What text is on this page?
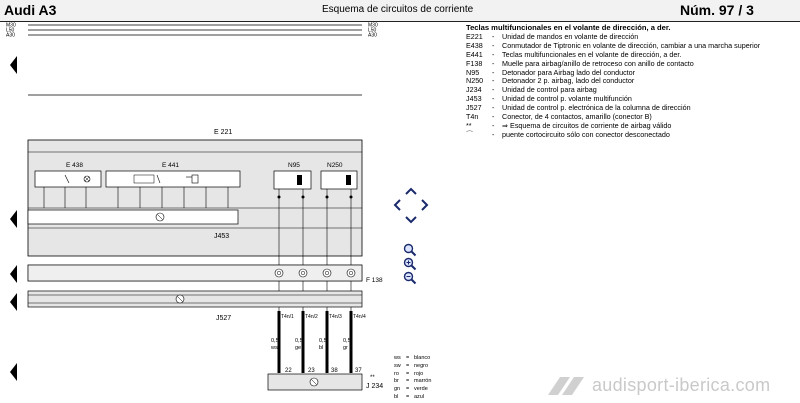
Audi A3	Esquema de circuitos de corriente	Núm. 97 / 3
M30
L50
A30
M30
L50
A30
E 221
E 438	E 441
J453
N95	N250
F 138
J527	T4n/1 T4n/2 T4n/3 T4n/4
0,5	0,5	0,5	0,5
ws	ge	bl	gr
22	23	38	37
**
J 234
Teclas multifuncionales en el volante de dirección, a der.
E221	-	Unidad de mandos en volante de dirección
E438	-	Conmutador de Tiptronic en volante de dirección, cambiar a una marcha superior
E441	-	Teclas multifuncionales en el volante de dirección, a der.
F138	-	Muelle para airbag/anillo de retroceso con anillo de contacto
N95	-	Detonador para Airbag lado del conductor
N250	-	Detonador 2 p. airbag, lado del conductor
J234	-	Unidad de control para airbag
J453	-	Unidad de control p. volante multifunción
J527	-	Unidad de control p. electrónica de la columna de dirección
T4n	-	Conector, de 4 contactos, amarillo (conector B)
**	-	⇒ Esquema de circuitos de corriente de airbag válido
⌒	-	puente cortocircuito sólo con conector desconectado
ws = blanco
sw = negro
ro	= rojo
br	= marrón
gn	= verde
bl	= azul
audisport-iberica.com
